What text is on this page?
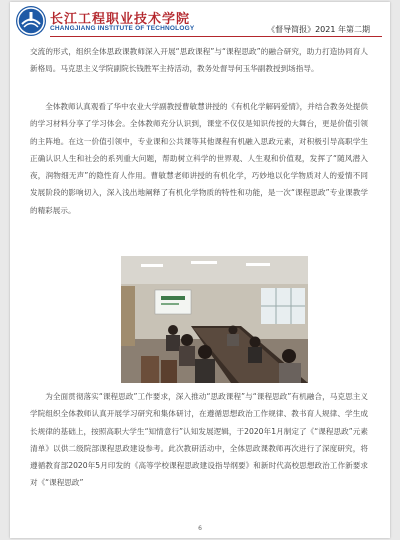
长江工程职业技术学院
CHANGJIANG INSTITUTE OF TECHNOLOGY	《督导简报》2021 年第二期

交流的形式，组织全体思政课教师深入开展“思政课程”与“课程思政”的融合研究，助力打造协同育人新格局。马克思主义学院副院长钱胜军主持活动，教务处督导何玉华副教授到场指导。

全体教师认真观看了华中农业大学副教授曹敏慧讲授的《有机化学解码爱情》，并结合教务处提供的学习材料分享了学习体会。全体教师充分认识到，课堂不仅仅是知识传授的大舞台，更是价值引领的主阵地。在这一价值引领中，专业课和公共课等其他课程有机融入思政元素，对积极引导高职学生正确认识人生和社会的系列重大问题，帮助树立科学的世界观、人生观和价值观，发挥了“随风潜入夜，润物细无声”的隐性育人作用。曹敏慧老师讲授的有机化学，巧妙地以化学物质对人的爱情不同发展阶段的影响切入，深入浅出地阐释了有机化学物质的特性和功能，是一次“课程思政”专业课教学的精彩展示。

为全面贯彻落实“课程思政”工作要求，深入推动“思政课程”与“课程思政”有机融合，马克思主义学院组织全体教师认真开展学习研究和集体研讨，在遵循思想政治工作规律、教书育人规律、学生成长规律的基础上，按照高职大学生“知情意行”认知发展逻辑，于2020年1月制定了《“课程思政”元素清单》以供二级院部课程思政建设参考。此次教研活动中，全体思政课教师再次进行了深度研究，将遵循教育部2020年5月印发的《高等学校课程思政建设指导纲要》和新时代高校思想政治工作新要求对《“课程思政”

6
